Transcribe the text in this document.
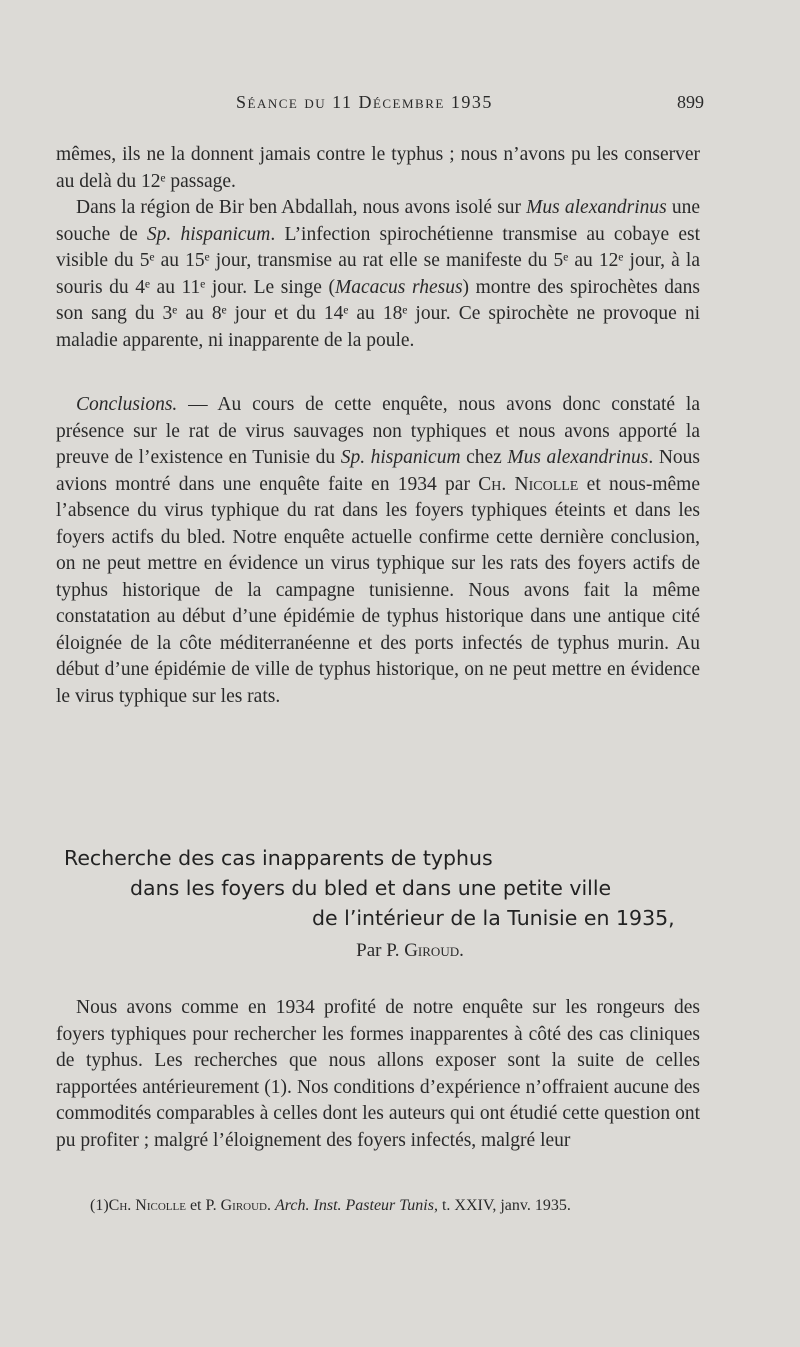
Séance du 11 Décembre 1935	899

mêmes, ils ne la donnent jamais contre le typhus ; nous n’avons pu les conserver au delà du 12ᵉ passage.

Dans la région de Bir ben Abdallah, nous avons isolé sur Mus alexandrinus une souche de Sp. hispanicum. L’infection spirochétienne transmise au cobaye est visible du 5ᵉ au 15ᵉ jour, transmise au rat elle se manifeste du 5ᵉ au 12ᵉ jour, à la souris du 4ᵉ au 11ᵉ jour. Le singe (Macacus rhesus) montre des spirochètes dans son sang du 3ᵉ au 8ᵉ jour et du 14ᵉ au 18ᵉ jour. Ce spirochète ne provoque ni maladie apparente, ni inapparente de la poule.

Conclusions. — Au cours de cette enquête, nous avons donc constaté la présence sur le rat de virus sauvages non typhiques et nous avons apporté la preuve de l’existence en Tunisie du Sp. hispanicum chez Mus alexandrinus. Nous avions montré dans une enquête faite en 1934 par Ch. Nicolle et nous-même l’absence du virus typhique du rat dans les foyers typhiques éteints et dans les foyers actifs du bled. Notre enquête actuelle confirme cette dernière conclusion, on ne peut mettre en évidence un virus typhique sur les rats des foyers actifs de typhus historique de la campagne tunisienne. Nous avons fait la même constatation au début d’une épidémie de typhus historique dans une antique cité éloignée de la côte méditerranéenne et des ports infectés de typhus murin. Au début d’une épidémie de ville de typhus historique, on ne peut mettre en évidence le virus typhique sur les rats.

Recherche des cas inapparents de typhus
dans les foyers du bled et dans une petite ville
de l’intérieur de la Tunisie en 1935,
Par P. Giroud.

Nous avons comme en 1934 profité de notre enquête sur les rongeurs des foyers typhiques pour rechercher les formes inapparentes à côté des cas cliniques de typhus. Les recherches que nous allons exposer sont la suite de celles rapportées antérieurement (1). Nos conditions d’expérience n’offraient aucune des commodités comparables à celles dont les auteurs qui ont étudié cette question ont pu profiter ; malgré l’éloignement des foyers infectés, malgré leur

(1)Ch. Nicolle et P. Giroud. Arch. Inst. Pasteur Tunis, t. XXIV, janv. 1935.
